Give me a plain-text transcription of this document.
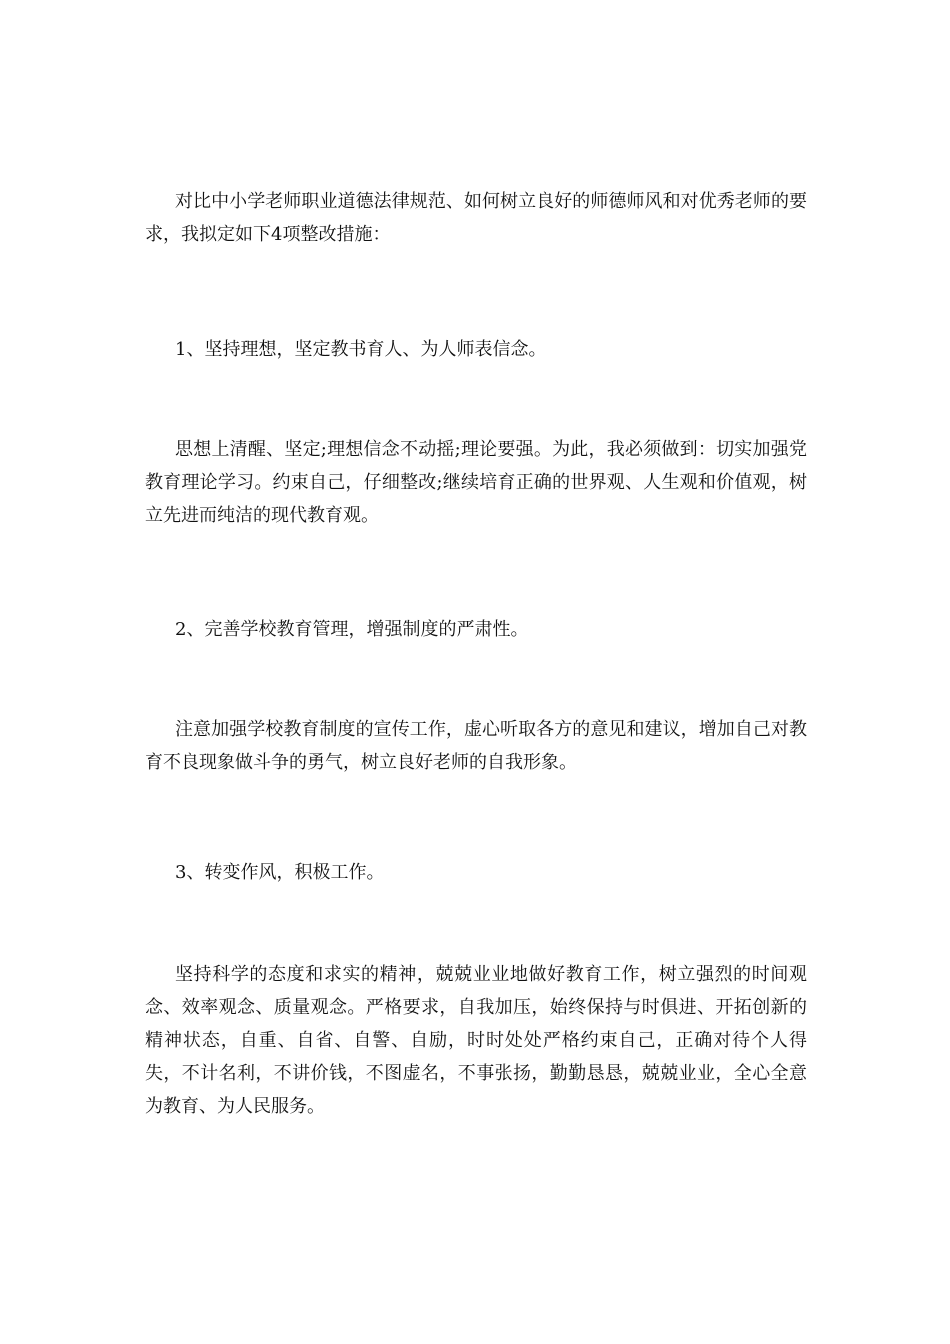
对比中小学老师职业道德法律规范、如何树立良好的师德师风和对优秀老师的要求，我拟定如下4项整改措施：

1、坚持理想，坚定教书育人、为人师表信念。

思想上清醒、坚定;理想信念不动摇;理论要强。为此，我必须做到：切实加强党教育理论学习。约束自己，仔细整改;继续培育正确的世界观、人生观和价值观，树立先进而纯洁的现代教育观。

2、完善学校教育管理，增强制度的严肃性。

注意加强学校教育制度的宣传工作，虚心听取各方的意见和建议，增加自己对教育不良现象做斗争的勇气，树立良好老师的自我形象。

3、转变作风，积极工作。

坚持科学的态度和求实的精神，兢兢业业地做好教育工作，树立强烈的时间观念、效率观念、质量观念。严格要求，自我加压，始终保持与时俱进、开拓创新的精神状态，自重、自省、自警、自励，时时处处严格约束自己，正确对待个人得失，不计名利，不讲价钱，不图虚名，不事张扬，勤勤恳恳，兢兢业业，全心全意为教育、为人民服务。
